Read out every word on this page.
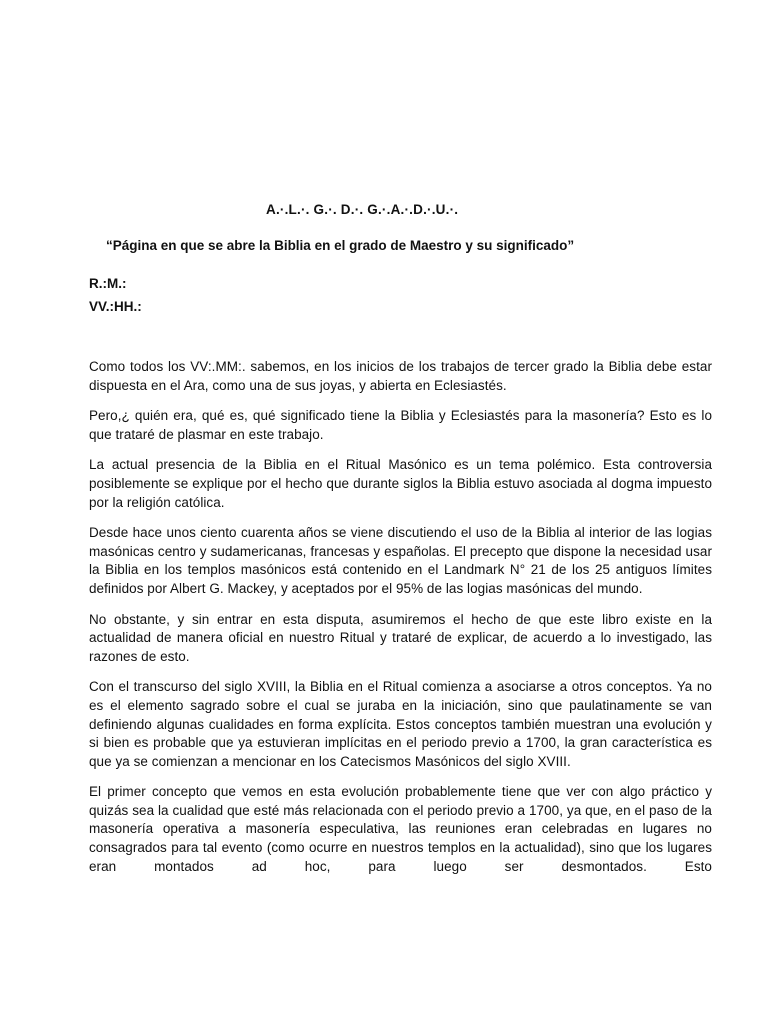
A.·.L.·. G.·. D.·. G.·.A.·.D.·.U.·.
“Página en que se abre la Biblia en el grado de Maestro y su significado”
R.:M.:
VV.:HH.:

Como todos los VV:.MM:. sabemos, en los inicios de los trabajos de tercer grado la Biblia debe estar dispuesta en el Ara, como una de sus joyas, y abierta en Eclesiastés.

Pero,¿ quién era, qué es, qué significado tiene la Biblia y Eclesiastés para la masonería? Esto es lo que trataré de plasmar en este trabajo.

La actual presencia de la Biblia en el Ritual Masónico es un tema polémico. Esta controversia posiblemente se explique por el hecho que durante siglos la Biblia estuvo asociada al dogma impuesto por la religión católica.

Desde hace unos ciento cuarenta años se viene discutiendo el uso de la Biblia al interior de las logias masónicas centro y sudamericanas, francesas y españolas. El precepto que dispone la necesidad usar la Biblia en los templos masónicos está contenido en el Landmark N° 21 de los 25 antiguos límites definidos por Albert G. Mackey, y aceptados por el 95% de las logias masónicas del mundo.

No obstante, y sin entrar en esta disputa, asumiremos el hecho de que este libro existe en la actualidad de manera oficial en nuestro Ritual y trataré de explicar, de acuerdo a lo investigado, las razones de esto.

Con el transcurso del siglo XVIII, la Biblia en el Ritual comienza a asociarse a otros conceptos. Ya no es el elemento sagrado sobre el cual se juraba en la iniciación, sino que paulatinamente se van definiendo algunas cualidades en forma explícita. Estos conceptos también muestran una evolución y si bien es probable que ya estuvieran implícitas en el periodo previo a 1700, la gran característica es que ya se comienzan a mencionar en los Catecismos Masónicos del siglo XVIII.

El primer concepto que vemos en esta evolución probablemente tiene que ver con algo práctico y quizás sea la cualidad que esté más relacionada con el periodo previo a 1700, ya que, en el paso de la masonería operativa a masonería especulativa, las reuniones eran celebradas en lugares no consagrados para tal evento (como ocurre en nuestros templos en la actualidad), sino que los lugares eran montados ad hoc, para luego ser desmontados. Esto
